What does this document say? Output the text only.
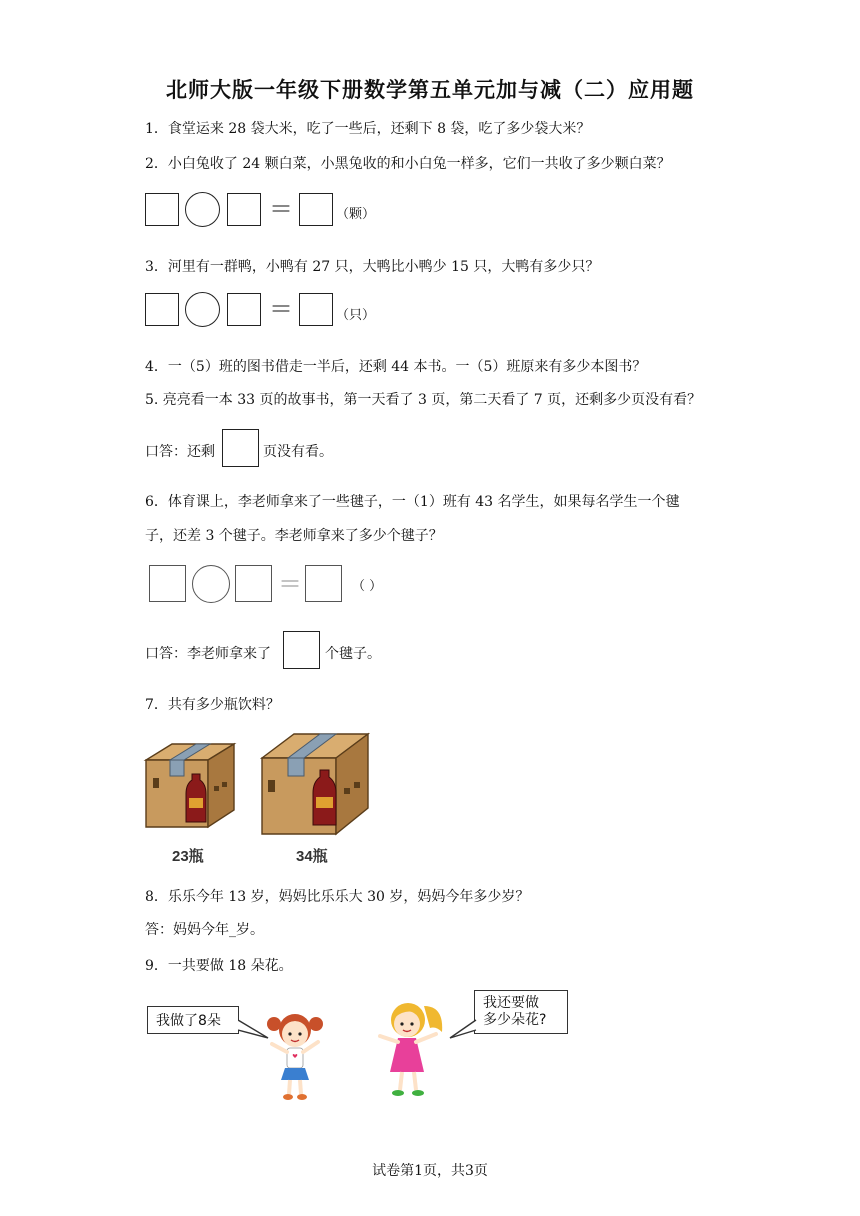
北师大版一年级下册数学第五单元加与减（二）应用题
1．食堂运来 28 袋大米，吃了一些后，还剩下 8 袋，吃了多少袋大米？
2．小白兔收了 24 颗白菜，小黑兔收的和小白兔一样多，它们一共收了多少颗白菜？
＝	（颗）
3．河里有一群鸭，小鸭有 27 只，大鸭比小鸭少 15 只，大鸭有多少只？
＝	（只）
4．一（5）班的图书借走一半后，还剩 44 本书。一（5）班原来有多少本图书？
5. 亮亮看一本 33 页的故事书，第一天看了 3 页，第二天看了 7 页，还剩多少页没有看？
口答：还剩	页没有看。
6．体育课上，李老师拿来了一些毽子，一（1）班有 43 名学生，如果每名学生一个毽
子，还差 3 个毽子。李老师拿来了多少个毽子？
＝	（ ）
口答：李老师拿来了	个毽子。
7．共有多少瓶饮料？
23瓶	34瓶
8．乐乐今年 13 岁，妈妈比乐乐大 30 岁，妈妈今年多少岁？
答：妈妈今年_岁。
9．一共要做 18 朵花。
我做了8朵
我还要做
多少朵花?
试卷第1页，共3页
